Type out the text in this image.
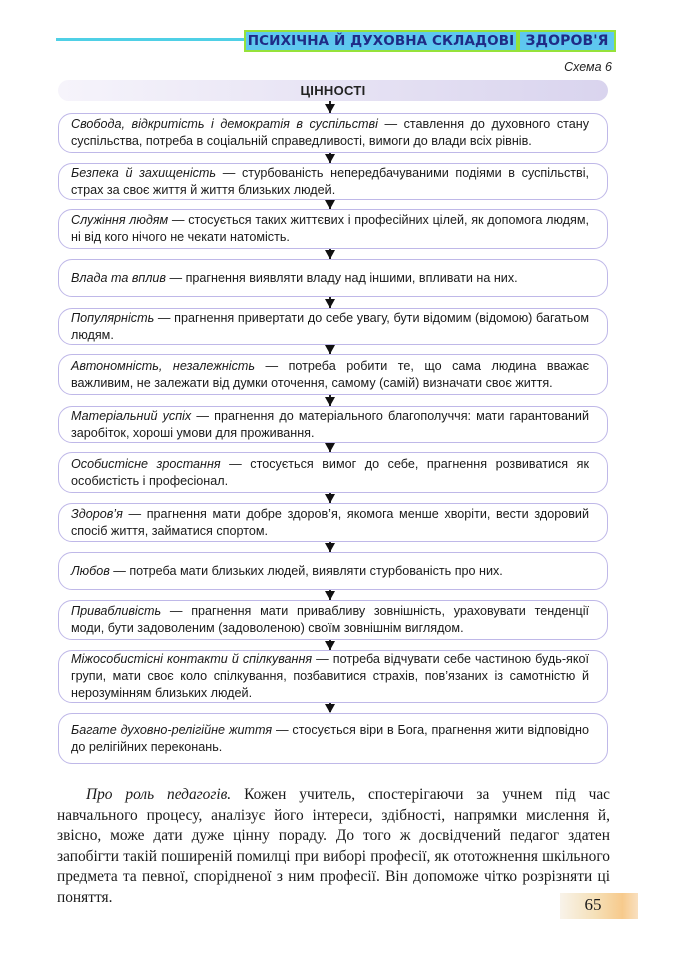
ПСИХІЧНА Й ДУХОВНА СКЛАДОВІ ЗДОРОВ'Я
Схема 6
ЦІННОСТІ

Свобода, відкритість і демократія в суспільстві — ставлення до духовного стану суспільства, потреба в соціальній справедливості, вимоги до влади всіх рівнів.

Безпека й захищеність — стурбованість непередбачуваними подіями в суспільстві, страх за своє життя й життя близьких людей.

Служіння людям — стосується таких життєвих і професійних цілей, як допомога людям, ні від кого нічого не чекати натомість.

Влада та вплив — прагнення виявляти владу над іншими, впливати на них.

Популярність — прагнення привертати до себе увагу, бути відомим (відомою) багатьом людям.

Автономність, незалежність — потреба робити те, що сама людина вважає важливим, не залежати від думки оточення, самому (самій) визначати своє життя.

Матеріальний успіх — прагнення до матеріального благополуччя: мати гарантований заробіток, хороші умови для проживання.

Особистісне зростання — стосується вимог до себе, прагнення розвиватися як особистість і професіонал.

Здоров’я — прагнення мати добре здоров’я, якомога менше хворіти, вести здоровий спосіб життя, займатися спортом.

Любов — потреба мати близьких людей, виявляти стурбованість про них.

Привабливість — прагнення мати привабливу зовнішність, ураховувати тенденції моди, бути задоволеним (задоволеною) своїм зовнішнім виглядом.

Міжособистісні контакти й спілкування — потреба відчувати себе частиною будь-якої групи, мати своє коло спілкування, позбавитися страхів, пов’язаних із самотністю й нерозумінням близьких людей.

Багате духовно-релігійне життя — стосується віри в Бога, прагнення жити відповідно до релігійних переконань.

Про роль педагогів. Кожен учитель, спостерігаючи за учнем під час навчального процесу, аналізує його інтереси, здібності, напрямки мислення й, звісно, може дати дуже цінну пораду. До того ж досвідчений педагог здатен запобігти такій поширеній помилці при виборі професії, як ототожнення шкільного предмета та певної, спорідненої з ним професії. Він допоможе чітко розрізняти ці поняття.	65
